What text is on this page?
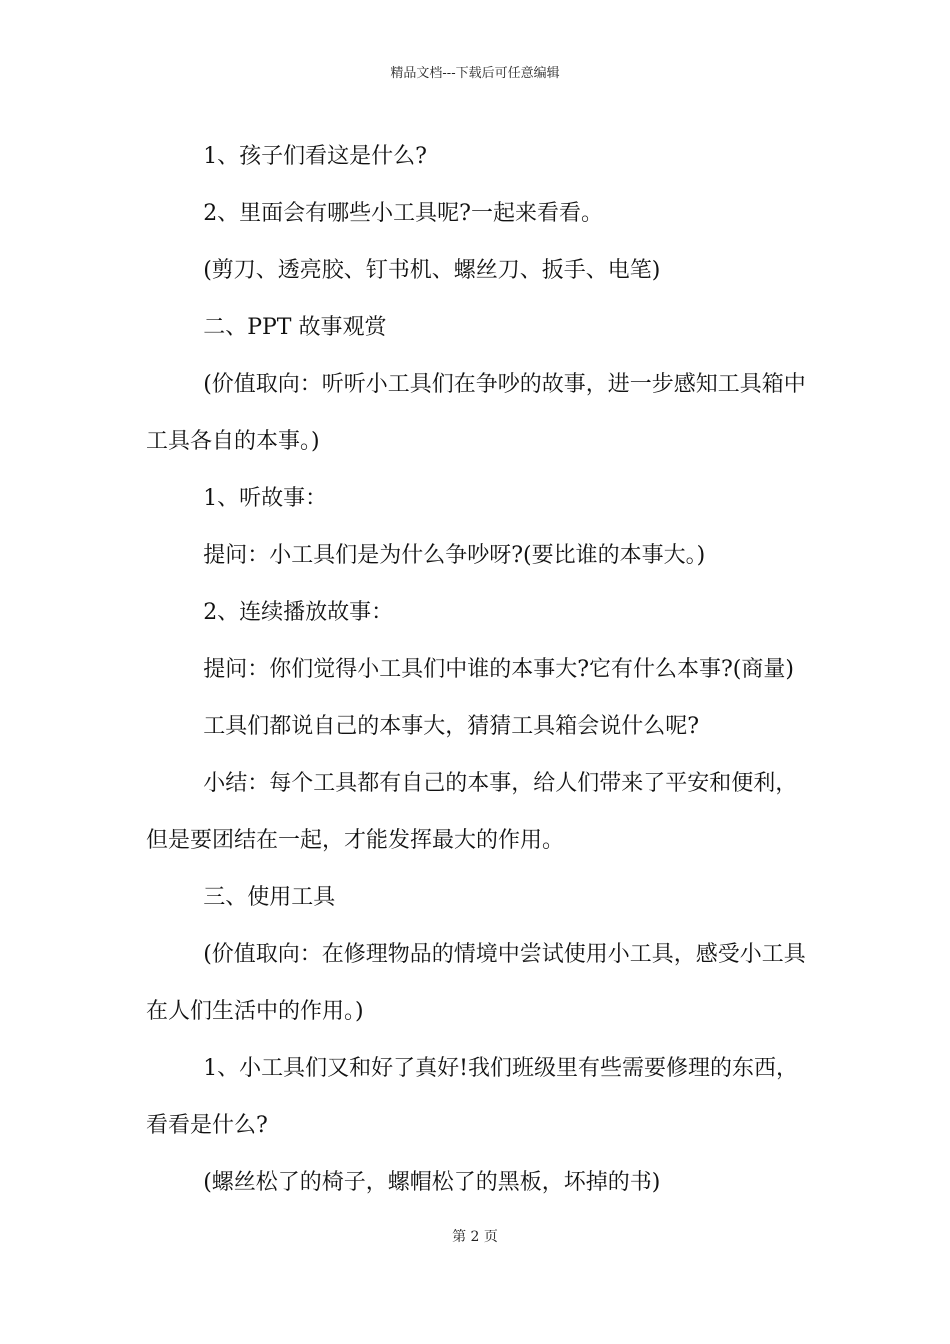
精品文档---下载后可任意编辑

1、孩子们看这是什么?

2、里面会有哪些小工具呢?一起来看看。

(剪刀、透亮胶、钉书机、螺丝刀、扳手、电笔)

二、PPT 故事观赏

(价值取向：听听小工具们在争吵的故事，进一步感知工具箱中工具各自的本事。)

1、听故事：

提问：小工具们是为什么争吵呀?(要比谁的本事大。)

2、连续播放故事：

提问：你们觉得小工具们中谁的本事大?它有什么本事?(商量)

工具们都说自己的本事大，猜猜工具箱会说什么呢?

小结：每个工具都有自己的本事，给人们带来了平安和便利，但是要团结在一起，才能发挥最大的作用。

三、使用工具

(价值取向：在修理物品的情境中尝试使用小工具，感受小工具在人们生活中的作用。)

1、小工具们又和好了真好!我们班级里有些需要修理的东西，看看是什么?

(螺丝松了的椅子，螺帽松了的黑板，坏掉的书)

第 2 页
